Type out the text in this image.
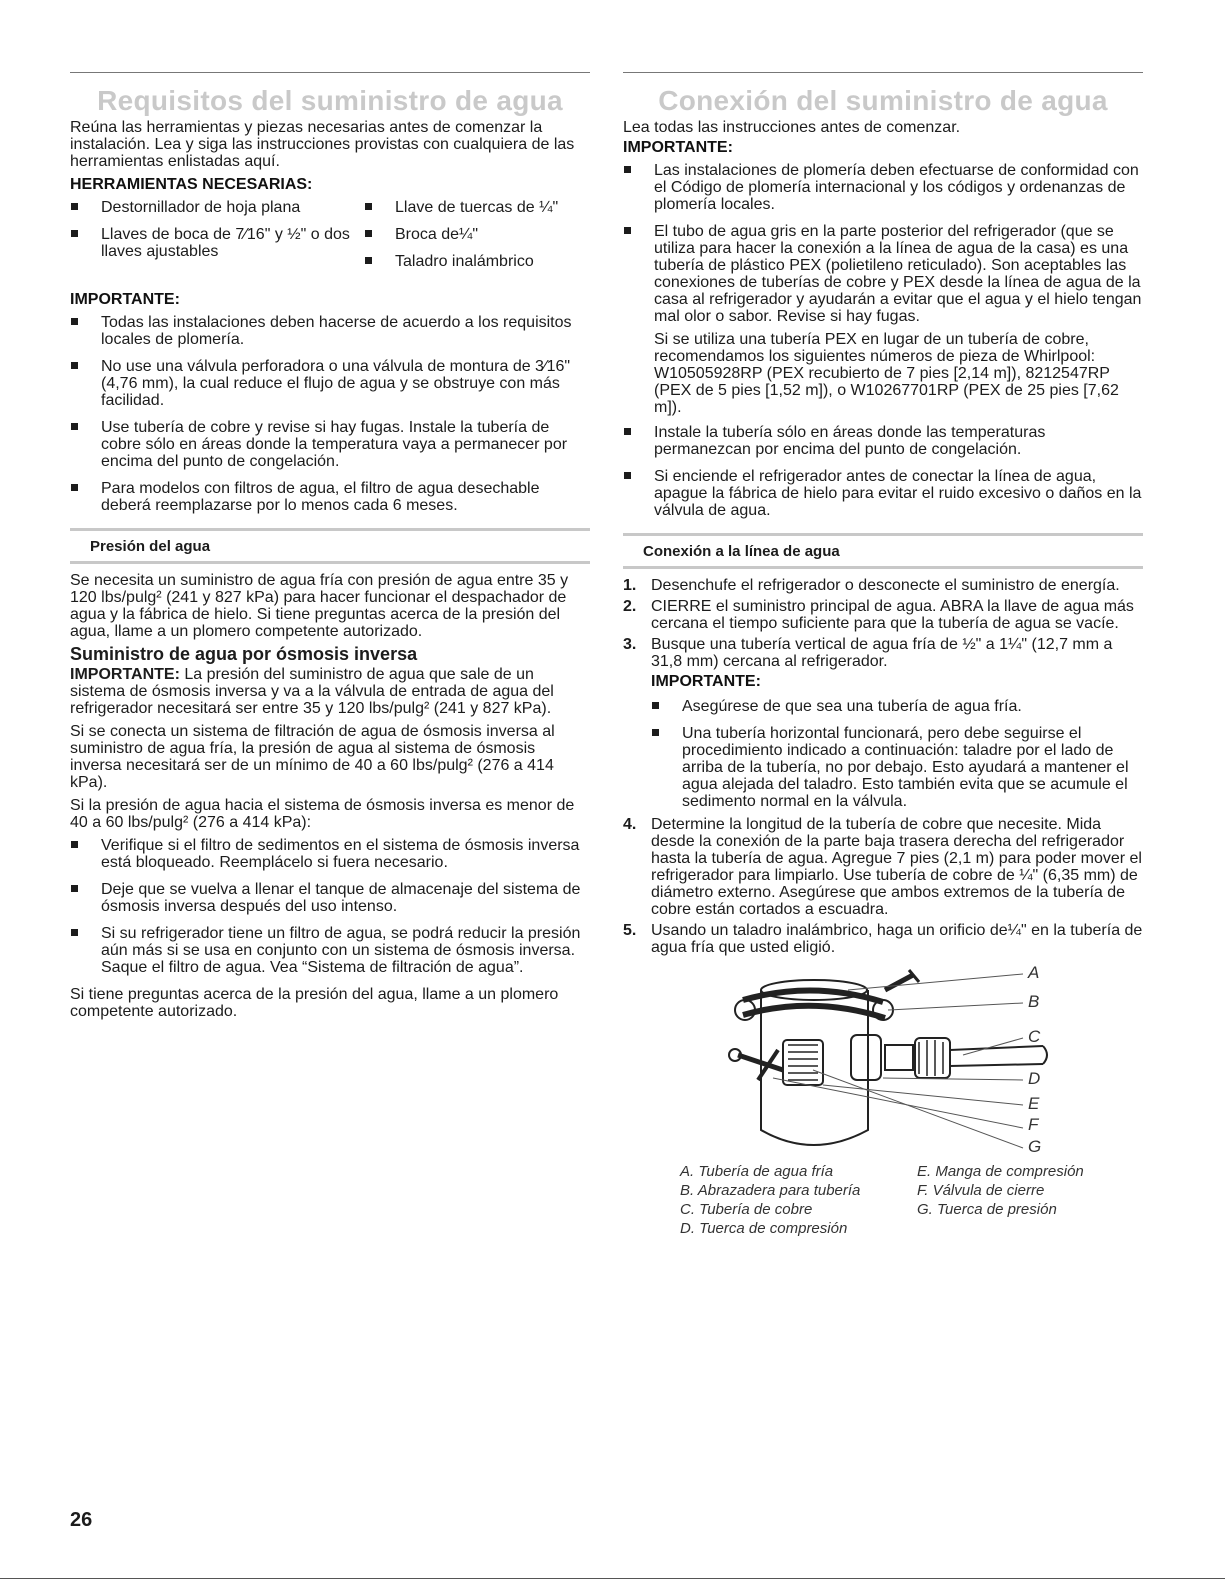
Requisitos del suministro de agua

Reúna las herramientas y piezas necesarias antes de comenzar la instalación. Lea y siga las instrucciones provistas con cualquiera de las herramientas enlistadas aquí.

HERRAMIENTAS NECESARIAS:
Destornillador de hoja plana
Llaves de boca de 7⁄16" y ½" o dos llaves ajustables
Llave de tuercas de ¼"
Broca de¼"
Taladro inalámbrico
IMPORTANTE:
Todas las instalaciones deben hacerse de acuerdo a los requisitos locales de plomería.
No use una válvula perforadora o una válvula de montura de 3⁄16" (4,76 mm), la cual reduce el flujo de agua y se obstruye con más facilidad.
Use tubería de cobre y revise si hay fugas. Instale la tubería de cobre sólo en áreas donde la temperatura vaya a permanecer por encima del punto de congelación.
Para modelos con filtros de agua, el filtro de agua desechable deberá reemplazarse por lo menos cada 6 meses.
Presión del agua

Se necesita un suministro de agua fría con presión de agua entre 35 y 120 lbs/pulg² (241 y 827 kPa) para hacer funcionar el despachador de agua y la fábrica de hielo. Si tiene preguntas acerca de la presión del agua, llame a un plomero competente autorizado.

Suministro de agua por ósmosis inversa

IMPORTANTE: La presión del suministro de agua que sale de un sistema de ósmosis inversa y va a la válvula de entrada de agua del refrigerador necesitará ser entre 35 y 120 lbs/pulg² (241 y 827 kPa).

Si se conecta un sistema de filtración de agua de ósmosis inversa al suministro de agua fría, la presión de agua al sistema de ósmosis inversa necesitará ser de un mínimo de 40 a 60 lbs/pulg² (276 a 414 kPa).

Si la presión de agua hacia el sistema de ósmosis inversa es menor de 40 a 60 lbs/pulg² (276 a 414 kPa):

Verifique si el filtro de sedimentos en el sistema de ósmosis inversa está bloqueado. Reemplácelo si fuera necesario.
Deje que se vuelva a llenar el tanque de almacenaje del sistema de ósmosis inversa después del uso intenso.
Si su refrigerador tiene un filtro de agua, se podrá reducir la presión aún más si se usa en conjunto con un sistema de ósmosis inversa. Saque el filtro de agua. Vea “Sistema de filtración de agua”.

Si tiene preguntas acerca de la presión del agua, llame a un plomero competente autorizado.

Conexión del suministro de agua

Lea todas las instrucciones antes de comenzar.

IMPORTANTE:
Las instalaciones de plomería deben efectuarse de conformidad con el Código de plomería internacional y los códigos y ordenanzas de plomería locales.
El tubo de agua gris en la parte posterior del refrigerador (que se utiliza para hacer la conexión a la línea de agua de la casa) es una tubería de plástico PEX (polietileno reticulado). Son aceptables las conexiones de tuberías de cobre y PEX desde la línea de agua de la casa al refrigerador y ayudarán a evitar que el agua y el hielo tengan mal olor o sabor. Revise si hay fugas.

Si se utiliza una tubería PEX en lugar de un tubería de cobre, recomendamos los siguientes números de pieza de Whirlpool: W10505928RP (PEX recubierto de 7 pies [2,14 m]), 8212547RP (PEX de 5 pies [1,52 m]), o W10267701RP (PEX de 25 pies [7,62 m]).

Instale la tubería sólo en áreas donde las temperaturas permanezcan por encima del punto de congelación.
Si enciende el refrigerador antes de conectar la línea de agua, apague la fábrica de hielo para evitar el ruido excesivo o daños en la válvula de agua.
Conexión a la línea de agua
1. Desenchufe el refrigerador o desconecte el suministro de energía.
2. CIERRE el suministro principal de agua. ABRA la llave de agua más cercana el tiempo suficiente para que la tubería de agua se vacíe.
3. Busque una tubería vertical de agua fría de ½" a 1¼" (12,7 mm a 31,8 mm) cercana al refrigerador.
IMPORTANTE:
Asegúrese de que sea una tubería de agua fría.
Una tubería horizontal funcionará, pero debe seguirse el procedimiento indicado a continuación: taladre por el lado de arriba de la tubería, no por debajo. Esto ayudará a mantener el agua alejada del taladro. Esto también evita que se acumule el sedimento normal en la válvula.
4. Determine la longitud de la tubería de cobre que necesite. Mida desde la conexión de la parte baja trasera derecha del refrigerador hasta la tubería de agua. Agregue 7 pies (2,1 m) para poder mover el refrigerador para limpiarlo. Use tubería de cobre de ¼" (6,35 mm) de diámetro externo. Asegúrese que ambos extremos de la tubería de cobre están cortados a escuadra.
5. Usando un taladro inalámbrico, haga un orificio de¼" en la tubería de agua fría que usted eligió.
A
B
C
D
E
F
G
A. Tubería de agua fría
B. Abrazadera para tubería
C. Tubería de cobre
D. Tuerca de compresión
E. Manga de compresión
F. Válvula de cierre
G. Tuerca de presión
26
